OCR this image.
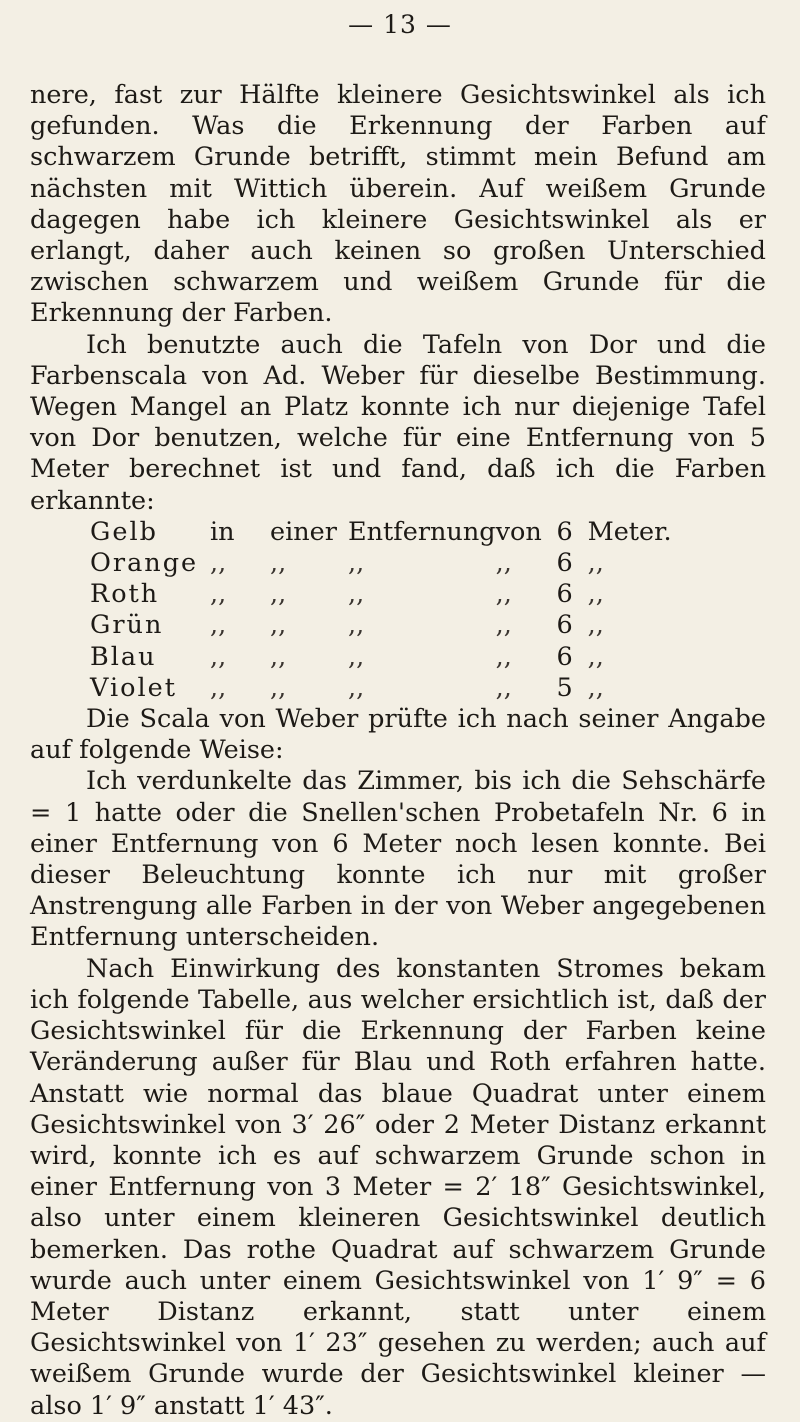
— 13 —

nere, fast zur Hälfte kleinere Gesichtswinkel als ich gefunden. Was die Erkennung der Farben auf schwarzem Grunde betrifft, stimmt mein Befund am nächsten mit Wittich überein. Auf weißem Grunde dagegen habe ich kleinere Gesichtswinkel als er erlangt, daher auch keinen so großen Unterschied zwischen schwarzem und weißem Grunde für die Erkennung der Farben.

Ich benutzte auch die Tafeln von Dor und die Farbenscala von Ad. Weber für dieselbe Bestimmung. Wegen Mangel an Platz konnte ich nur diejenige Tafel von Dor benutzen, welche für eine Entfernung von 5 Meter berechnet ist und fand, daß ich die Farben erkannte:

Gelb	in	einer	Entfernung	von	6	Meter.
Orange	,,	,,	,,	,,	6	,,
Roth	,,	,,	,,	,,	6	,,
Grün	,,	,,	,,	,,	6	,,
Blau	,,	,,	,,	,,	6	,,
Violet	,,	,,	,,	,,	5	,,

Die Scala von Weber prüfte ich nach seiner Angabe auf folgende Weise:

Ich verdunkelte das Zimmer, bis ich die Sehschärfe = 1 hatte oder die Snellen'schen Probetafeln Nr. 6 in einer Entfernung von 6 Meter noch lesen konnte. Bei dieser Beleuchtung konnte ich nur mit großer Anstrengung alle Farben in der von Weber angegebenen Entfernung unterscheiden.

Nach Einwirkung des konstanten Stromes bekam ich folgende Tabelle, aus welcher ersichtlich ist, daß der Gesichtswinkel für die Erkennung der Farben keine Veränderung außer für Blau und Roth erfahren hatte. Anstatt wie normal das blaue Quadrat unter einem Gesichtswinkel von 3′ 26″ oder 2 Meter Distanz erkannt wird, konnte ich es auf schwarzem Grunde schon in einer Entfernung von 3 Meter = 2′ 18″ Gesichtswinkel, also unter einem kleineren Gesichtswinkel deutlich bemerken. Das rothe Quadrat auf schwarzem Grunde wurde auch unter einem Gesichtswinkel von 1′ 9″ = 6 Meter Distanz erkannt, statt unter einem Gesichtswinkel von 1′ 23″ gesehen zu werden; auch auf weißem Grunde wurde der Gesichtswinkel kleiner — also 1′ 9″ anstatt 1′ 43″.
